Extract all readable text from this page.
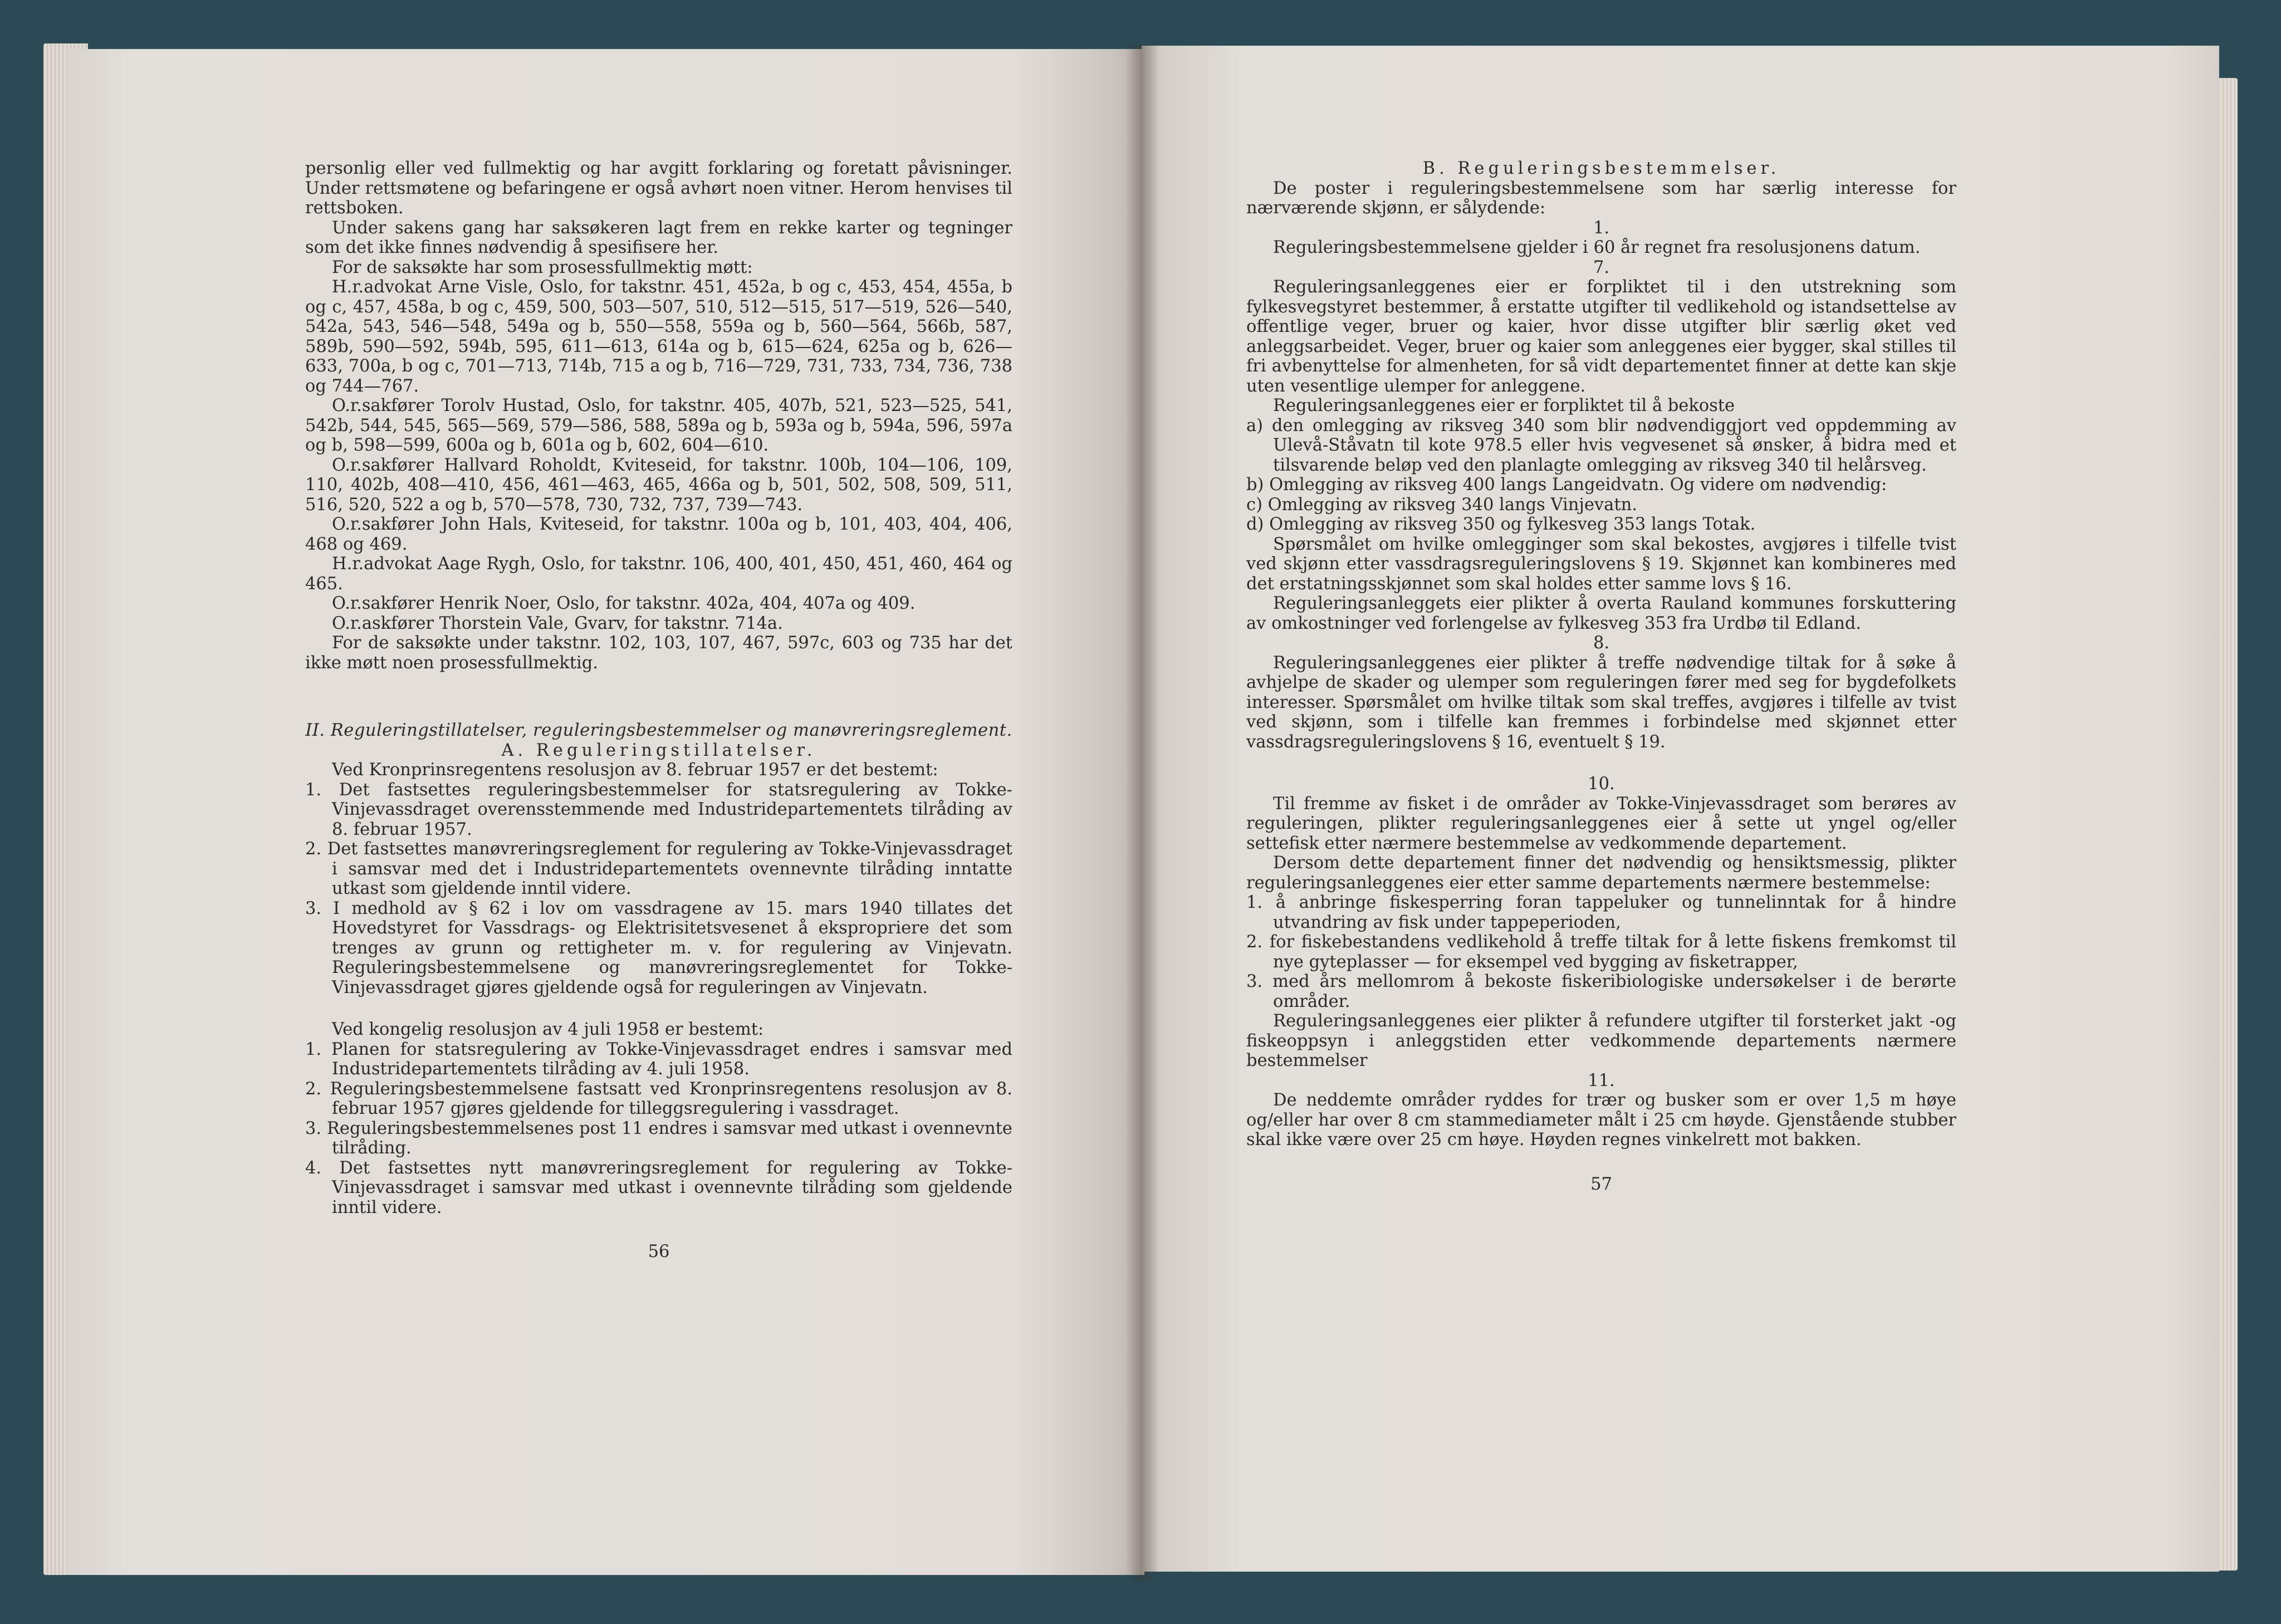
personlig eller ved fullmektig og har avgitt forklaring og foretatt påvisninger. Under rettsmøtene og befaringene er også avhørt noen vitner. Herom henvises til rettsboken.

Under sakens gang har saksøkeren lagt frem en rekke karter og tegninger som det ikke finnes nødvendig å spesifisere her.

For de saksøkte har som prosessfullmektig møtt:

H.r.advokat Arne Visle, Oslo, for takstnr. 451, 452a, b og c, 453, 454, 455a, b og c, 457, 458a, b og c, 459, 500, 503—507, 510, 512—515, 517—519, 526—540, 542a, 543, 546—548, 549a og b, 550—558, 559a og b, 560—564, 566b, 587, 589b, 590—592, 594b, 595, 611—613, 614a og b, 615—624, 625a og b, 626—633, 700a, b og c, 701—713, 714b, 715 a og b, 716—729, 731, 733, 734, 736, 738 og 744—767.

O.r.sakfører Torolv Hustad, Oslo, for takstnr. 405, 407b, 521, 523—525, 541, 542b, 544, 545, 565—569, 579—586, 588, 589a og b, 593a og b, 594a, 596, 597a og b, 598—599, 600a og b, 601a og b, 602, 604—610.

O.r.sakfører Hallvard Roholdt, Kviteseid, for takstnr. 100b, 104—106, 109, 110, 402b, 408—410, 456, 461—463, 465, 466a og b, 501, 502, 508, 509, 511, 516, 520, 522 a og b, 570—578, 730, 732, 737, 739—743.

O.r.sakfører John Hals, Kviteseid, for takstnr. 100a og b, 101, 403, 404, 406, 468 og 469.

H.r.advokat Aage Rygh, Oslo, for takstnr. 106, 400, 401, 450, 451, 460, 464 og 465.

O.r.sakfører Henrik Noer, Oslo, for takstnr. 402a, 404, 407a og 409.

O.r.askfører Thorstein Vale, Gvarv, for takstnr. 714a.

For de saksøkte under takstnr. 102, 103, 107, 467, 597c, 603 og 735 har det ikke møtt noen prosessfullmektig.

II. Reguleringstillatelser, reguleringsbestemmelser og manøvreringsreglement.

A. Reguleringstillatelser.

Ved Kronprinsregentens resolusjon av 8. februar 1957 er det bestemt:

1. Det fastsettes reguleringsbestemmelser for statsregulering av Tokke-Vinjevassdraget overensstemmende med Industridepartementets tilråding av 8. februar 1957.

2. Det fastsettes manøvreringsreglement for regulering av Tokke-Vinjevassdraget i samsvar med det i Industridepartementets ovennevnte tilråding inntatte utkast som gjeldende inntil videre.

3. I medhold av § 62 i lov om vassdragene av 15. mars 1940 tillates det Hovedstyret for Vassdrags- og Elektrisitetsvesenet å ekspropriere det som trenges av grunn og rettigheter m. v. for regulering av Vinjevatn. Reguleringsbestemmelsene og manøvreringsreglementet for Tokke-Vinjevassdraget gjøres gjeldende også for reguleringen av Vinjevatn.

Ved kongelig resolusjon av 4 juli 1958 er bestemt:

1. Planen for statsregulering av Tokke-Vinjevassdraget endres i samsvar med Industridepartementets tilråding av 4. juli 1958.

2. Reguleringsbestemmelsene fastsatt ved Kronprinsregentens resolusjon av 8. februar 1957 gjøres gjeldende for tilleggsregulering i vassdraget.

3. Reguleringsbestemmelsenes post 11 endres i samsvar med utkast i ovennevnte tilråding.

4. Det fastsettes nytt manøvreringsreglement for regulering av Tokke-Vinjevassdraget i samsvar med utkast i ovennevnte tilråding som gjeldende inntil videre.

56

B. Reguleringsbestemmelser.

De poster i reguleringsbestemmelsene som har særlig interesse for nærværende skjønn, er sålydende:

1.

Reguleringsbestemmelsene gjelder i 60 år regnet fra resolusjonens datum.

7.

Reguleringsanleggenes eier er forpliktet til i den utstrekning som fylkesvegstyret bestemmer, å erstatte utgifter til vedlikehold og istandsettelse av offentlige veger, bruer og kaier, hvor disse utgifter blir særlig øket ved anleggsarbeidet. Veger, bruer og kaier som anleggenes eier bygger, skal stilles til fri avbenyttelse for almenheten, for så vidt departementet finner at dette kan skje uten vesentlige ulemper for anleggene.

Reguleringsanleggenes eier er forpliktet til å bekoste

a) den omlegging av riksveg 340 som blir nødvendiggjort ved oppdemming av Ulevå-Ståvatn til kote 978.5 eller hvis vegvesenet så ønsker, å bidra med et tilsvarende beløp ved den planlagte omlegging av riksveg 340 til helårsveg.

b) Omlegging av riksveg 400 langs Langeidvatn. Og videre om nødvendig:

c) Omlegging av riksveg 340 langs Vinjevatn.

d) Omlegging av riksveg 350 og fylkesveg 353 langs Totak.

Spørsmålet om hvilke omlegginger som skal bekostes, avgjøres i tilfelle tvist ved skjønn etter vassdragsreguleringslovens § 19. Skjønnet kan kombineres med det erstatningsskjønnet som skal holdes etter samme lovs § 16.

Reguleringsanleggets eier plikter å overta Rauland kommunes forskuttering av omkostninger ved forlengelse av fylkesveg 353 fra Urdbø til Edland.

8.

Reguleringsanleggenes eier plikter å treffe nødvendige tiltak for å søke å avhjelpe de skader og ulemper som reguleringen fører med seg for bygdefolkets interesser. Spørsmålet om hvilke tiltak som skal treffes, avgjøres i tilfelle av tvist ved skjønn, som i tilfelle kan fremmes i forbindelse med skjønnet etter vassdragsreguleringslovens § 16, eventuelt § 19.

10.

Til fremme av fisket i de områder av Tokke-Vinjevassdraget som berøres av reguleringen, plikter reguleringsanleggenes eier å sette ut yngel og/eller settefisk etter nærmere bestemmelse av vedkommende departement.

Dersom dette departement finner det nødvendig og hensiktsmessig, plikter reguleringsanleggenes eier etter samme departements nærmere bestemmelse:

1. å anbringe fiskesperring foran tappeluker og tunnelinntak for å hindre utvandring av fisk under tappeperioden,

2. for fiskebestandens vedlikehold å treffe tiltak for å lette fiskens fremkomst til nye gyteplasser — for eksempel ved bygging av fisketrapper,

3. med års mellomrom å bekoste fiskeribiologiske undersøkelser i de berørte områder.

Reguleringsanleggenes eier plikter å refundere utgifter til forsterket jakt -og fiskeoppsyn i anleggstiden etter vedkommende departements nærmere bestemmelser

11.

De neddemte områder ryddes for trær og busker som er over 1,5 m høye og/eller har over 8 cm stammediameter målt i 25 cm høyde. Gjenstående stubber skal ikke være over 25 cm høye. Høyden regnes vinkelrett mot bakken.

57
